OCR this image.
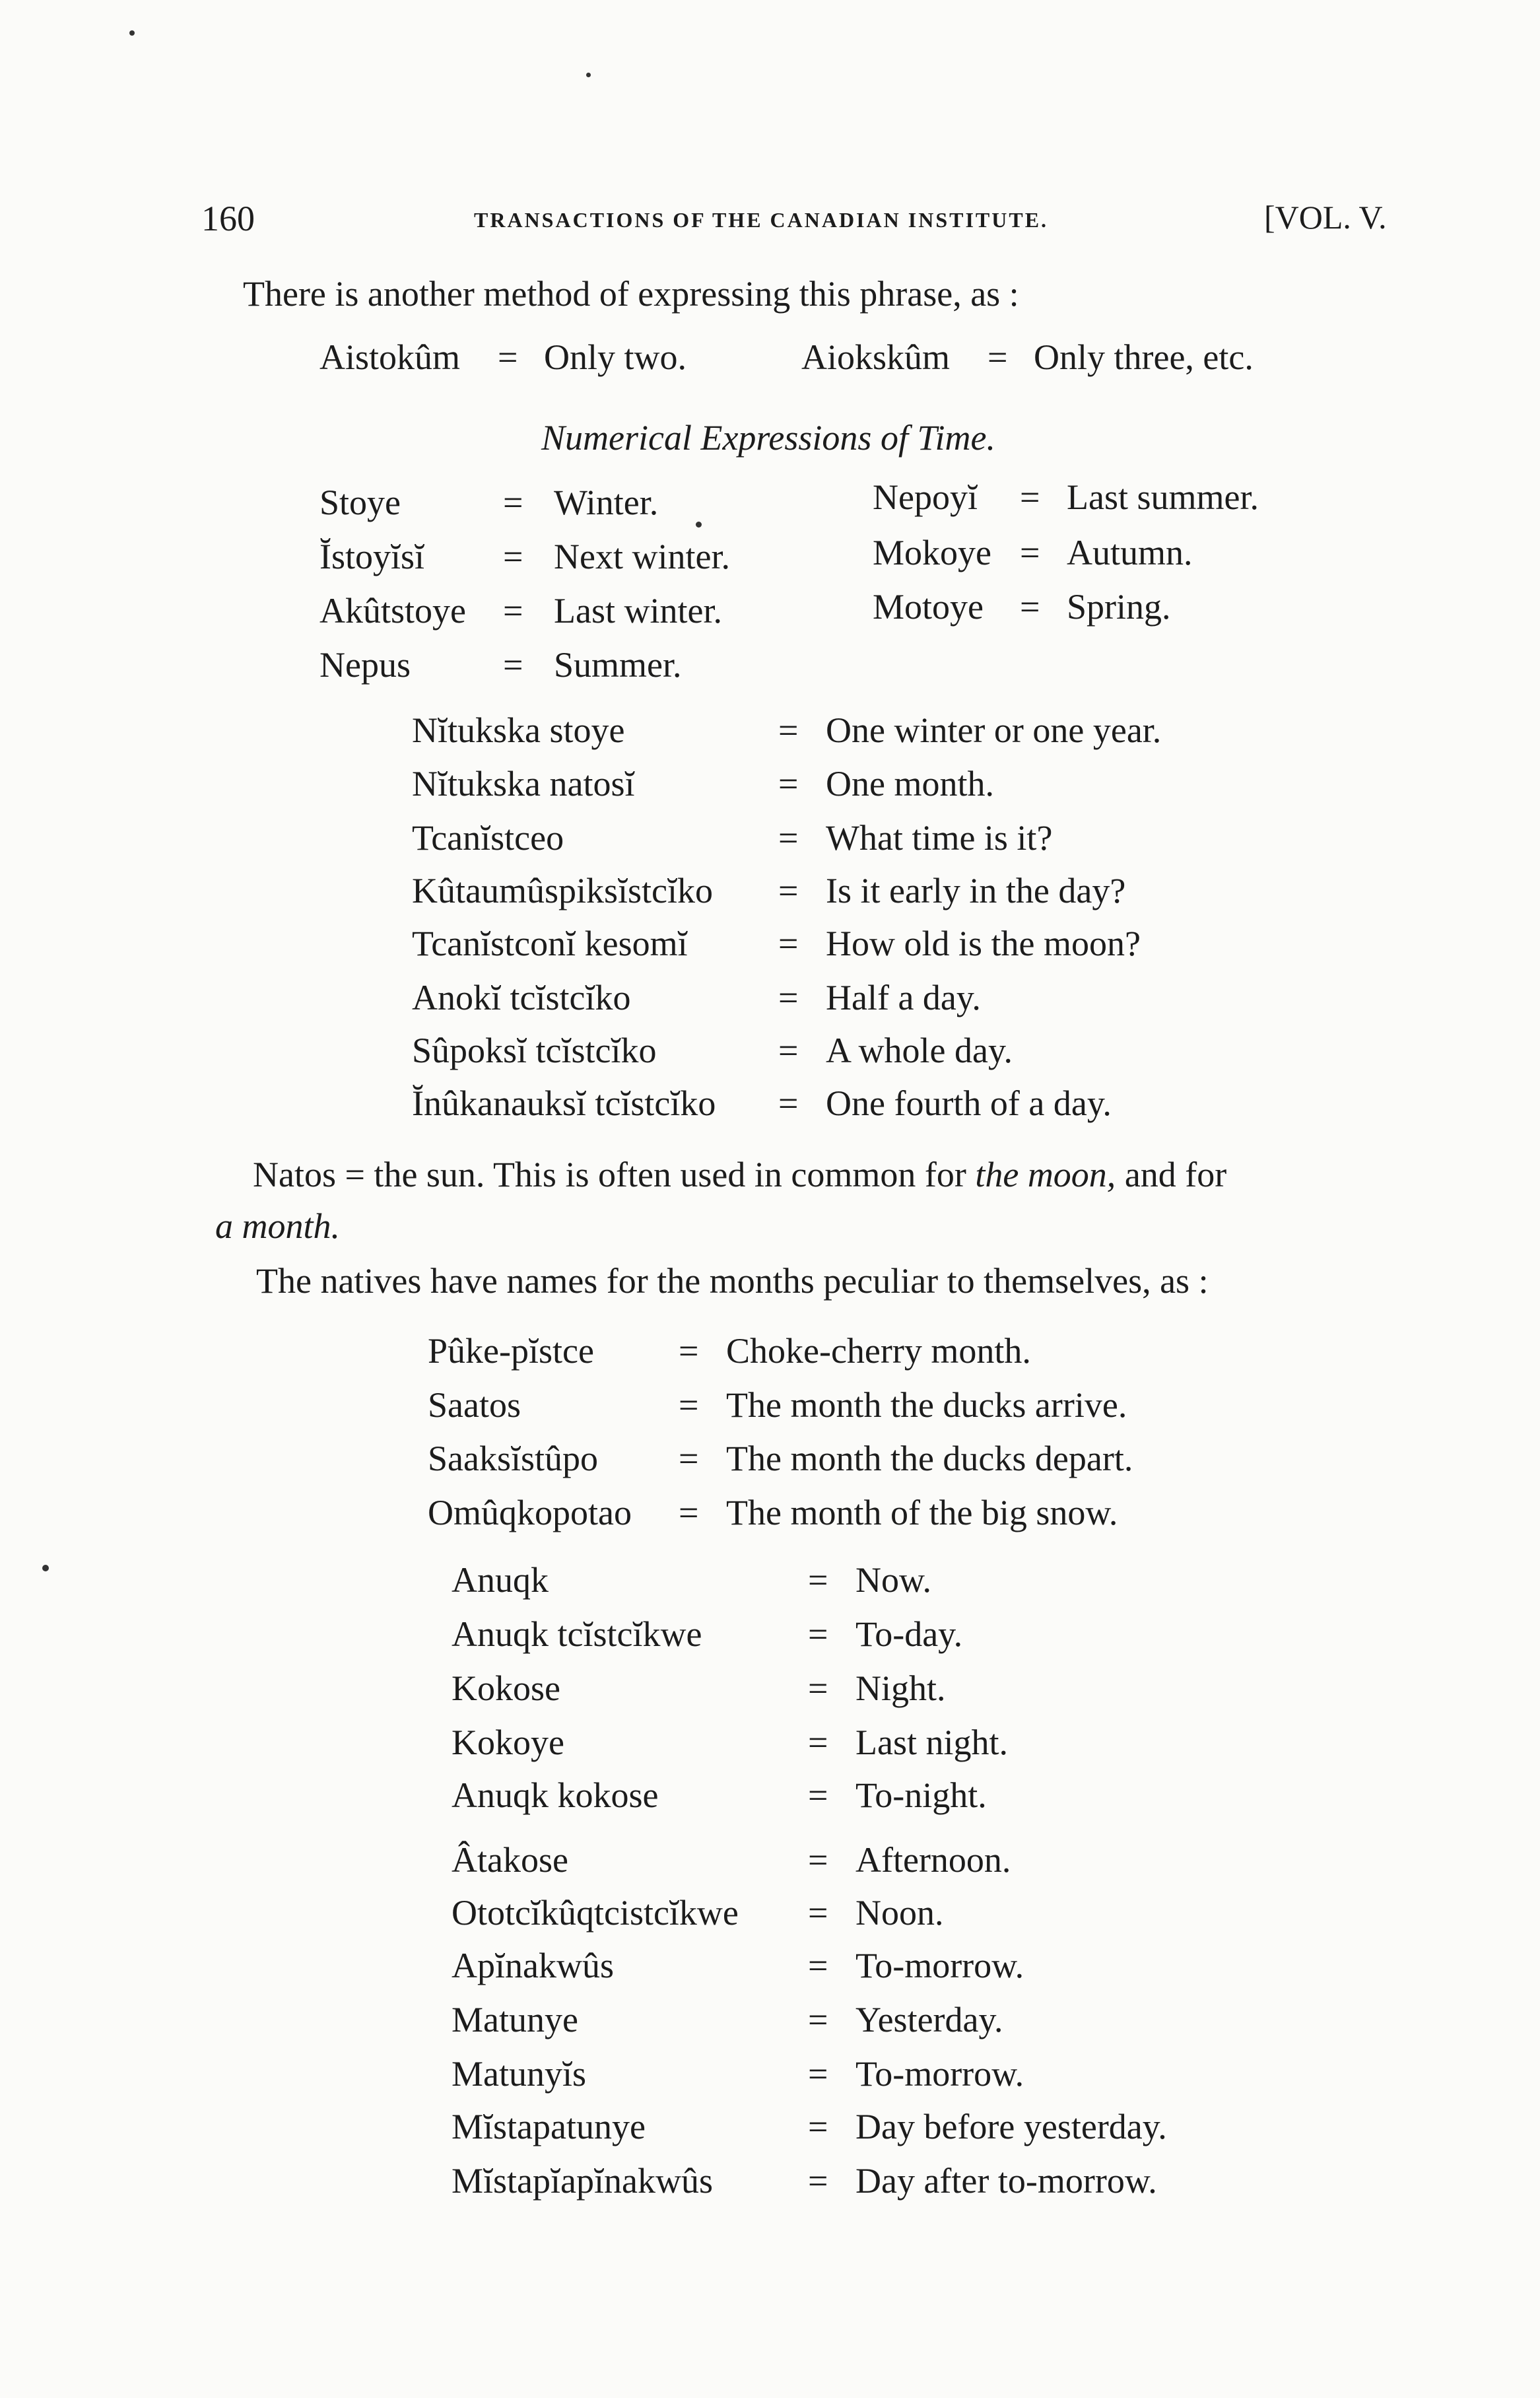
160	TRANSACTIONS OF THE CANADIAN INSTITUTE.	[VOL. V.
There is another method of expressing this phrase, as :
Aistokûm = Only two.	Aiokskûm = Only three, etc.
Numerical Expressions of Time.
Stoye	= Winter.
Ĭstoyĭsĭ = Next winter.
Akûtstoye = Last winter.
Nepus	= Summer.
Nepoyĭ = Last summer.
Mokoye = Autumn.
Motoye = Spring.
Nĭtukska stoye	= One winter or one year.
Nĭtukska natosĭ	= One month.
Tcanĭstceo	= What time is it?
Kûtaumûspiksĭstcĭko = Is it early in the day?
Tcanĭstconĭ kesomĭ	= How old is the moon?
Anokĭ tcĭstcĭko	= Half a day.
Sûpoksĭ tcĭstcĭko	= A whole day.
Ĭnûkanauksĭ tcĭstcĭko = One fourth of a day.
Natos = the sun. This is often used in common for the moon, and for
a month.
The natives have names for the months peculiar to themselves, as :
Pûke-pĭstce = Choke-cherry month.
Saatos	= The month the ducks arrive.
Saaksĭstûpo = The month the ducks depart.
Omûqkopotao = The month of the big snow.
Anuqk	= Now.
Anuqk tcĭstcĭkwe	= To-day.
Kokose	= Night.
Kokoye	= Last night.
Anuqk kokose	= To-night.
Âtakose	= Afternoon.
Ototcĭkûqtcistcĭkwe = Noon.
Apĭnakwûs	= To-morrow.
Matunye	= Yesterday.
Matunyĭs	= To-morrow.
Mĭstapatunye	= Day before yesterday.
Mĭstapĭapĭnakwûs	= Day after to-morrow.
